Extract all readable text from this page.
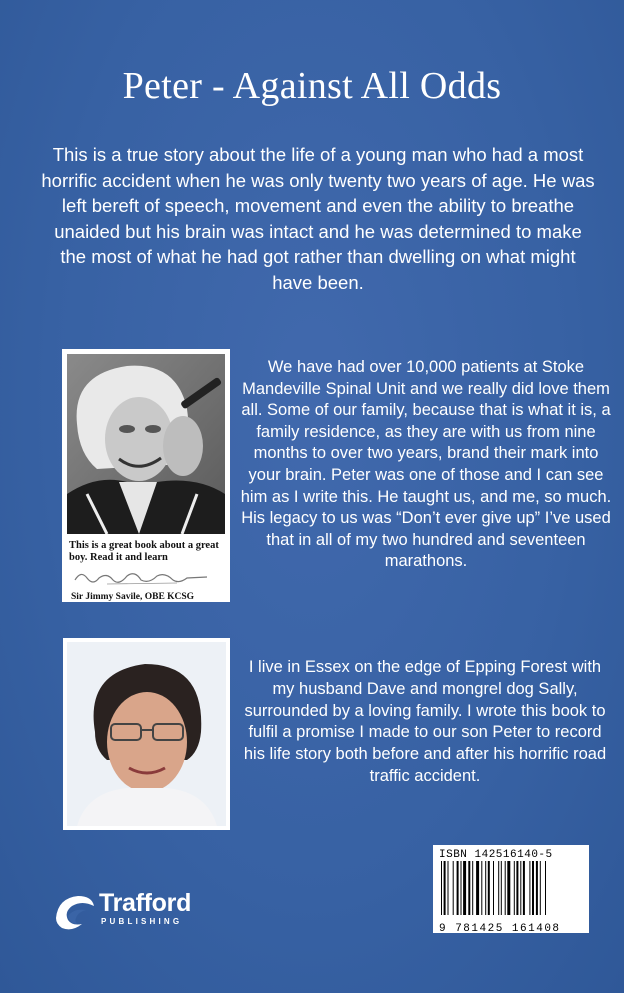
Peter - Against All Odds
This is a true story about the life of a young man who had a most horrific accident when he was only twenty two years of age. He was left bereft of speech, movement and even the ability to breathe unaided but his brain was intact and he was determined to make the most of what he had got rather than dwelling on what might have been.
This is a great book about a great boy. Read it and learn
Sir Jimmy Savile, OBE KCSG
We have had over 10,000 patients at Stoke Mandeville Spinal Unit and we really did love them all. Some of our family, because that is what it is, a family residence, as they are with us from nine months to over two years, brand their mark into your brain. Peter was one of those and I can see him as I write this. He taught us, and me, so much. His legacy to us was “Don’t ever give up” I’ve used that in all of my two hundred and seventeen marathons.
I live in Essex on the edge of Epping Forest with my husband Dave and mongrel dog Sally, surrounded by a loving family. I wrote this book to fulfil a promise I made to our son Peter to record his life story both before and after his horrific road traffic accident.
ISBN 142516140-5
9 781425 161408
Trafford
PUBLISHING
